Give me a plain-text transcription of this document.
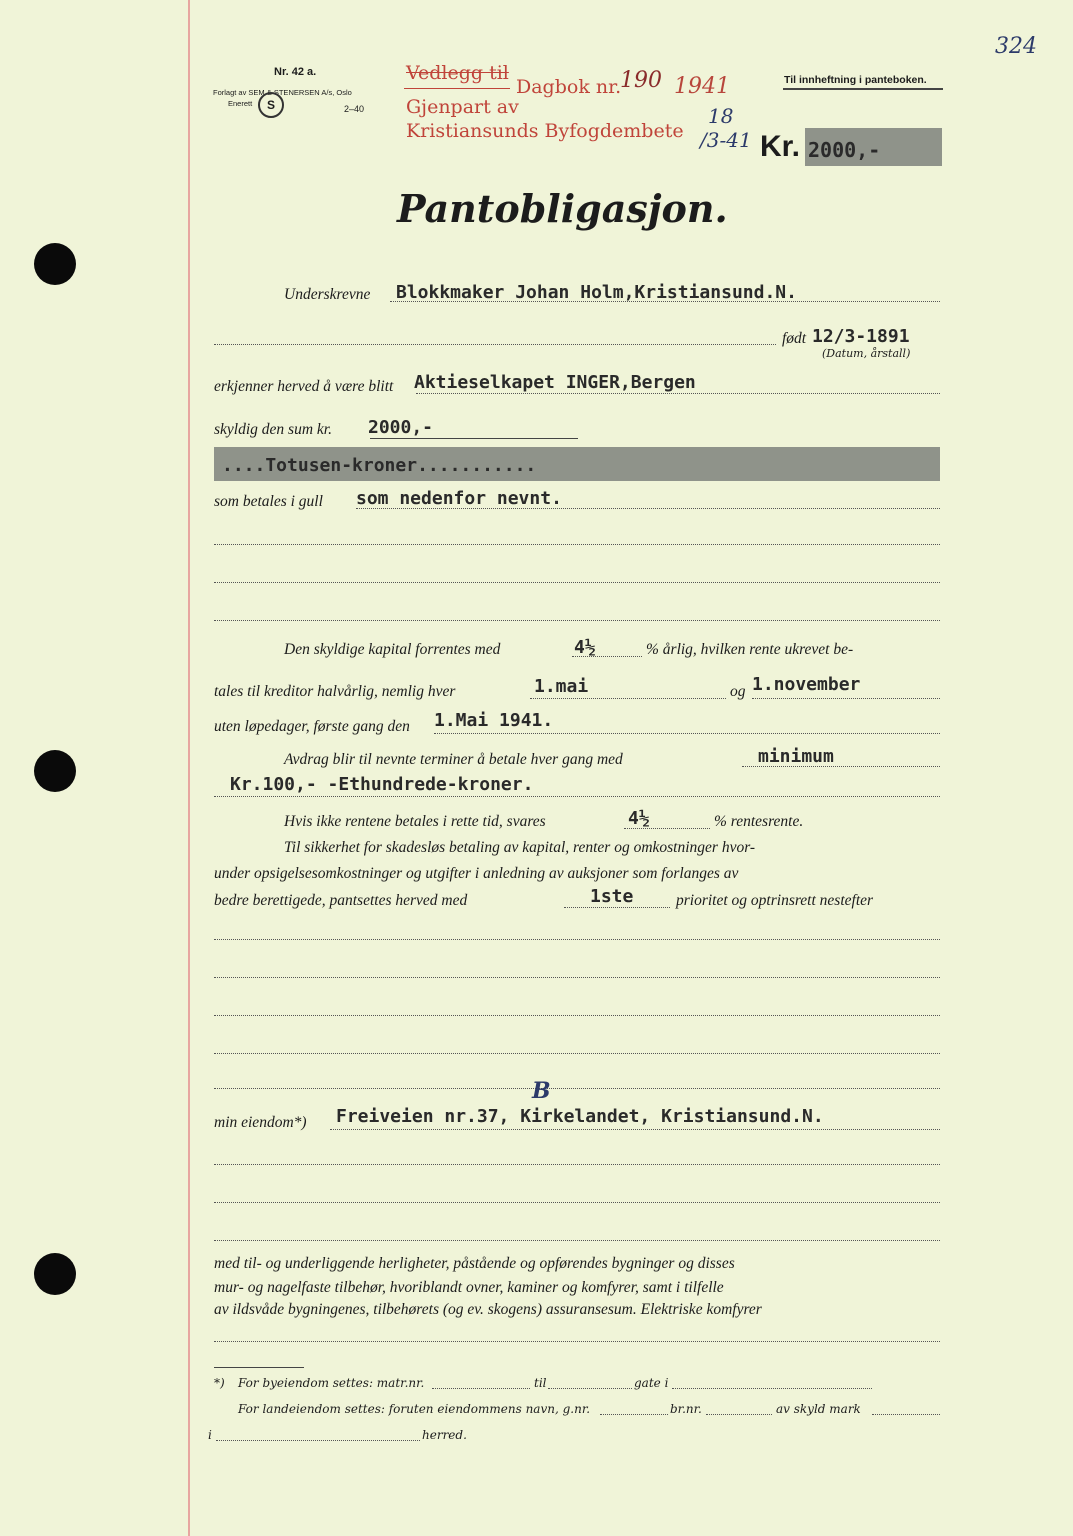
324
Nr. 42 a.
Forlagt av SEM & STENERSEN A/s, Oslo
Enerett	S	2–40
Vedlegg til
Dagbok nr.
190 1941
Gjenpart av
Kristiansunds Byfogdembete
18
/3-41
Til innheftning i panteboken.
Kr. 2000,-
Pantobligasjon.
Underskrevne Blokkmaker Johan Holm,Kristiansund.N.
født 12/3-1891
(Datum, årstall)
erkjenner herved å være blitt Aktieselkapet INGER,Bergen
skyldig den sum kr. 2000,-
....Totusen-kroner...........
som betales i gull som nedenfor nevnt.
Den skyldige kapital forrentes med	4½	% årlig, hvilken rente ukrevet be-
tales til kreditor halvårlig, nemlig hver	1.mai	og 1.november
uten løpedager, første gang den 1.Mai 1941.
Avdrag blir til nevnte terminer å betale hver gang med	minimum
Kr.100,- -Ethundrede-kroner.
Hvis ikke rentene betales i rette tid, svares	4½	% rentesrente.
Til sikkerhet for skadesløs betaling av kapital, renter og omkostninger hvor-
under opsigelsesomkostninger og utgifter i anledning av auksjoner som forlanges av
bedre berettigede, pantsettes herved med	1ste	prioritet og optrinsrett nestefter
B
min eiendom*) Freiveien nr.37, Kirkelandet, Kristiansund.N.
med til- og underliggende herligheter, påstående og opførendes bygninger og disses
mur- og nagelfaste tilbehør, hvoriblandt ovner, kaminer og komfyrer, samt i tilfelle
av ildsvåde bygningenes, tilbehørets (og ev. skogens) assuransesum. Elektriske komfyrer
*) For byeiendom settes: matr.nr.	til	gate i
For landeiendom settes: foruten eiendommens navn, g.nr.	br.nr.	av skyld mark
i	herred.
